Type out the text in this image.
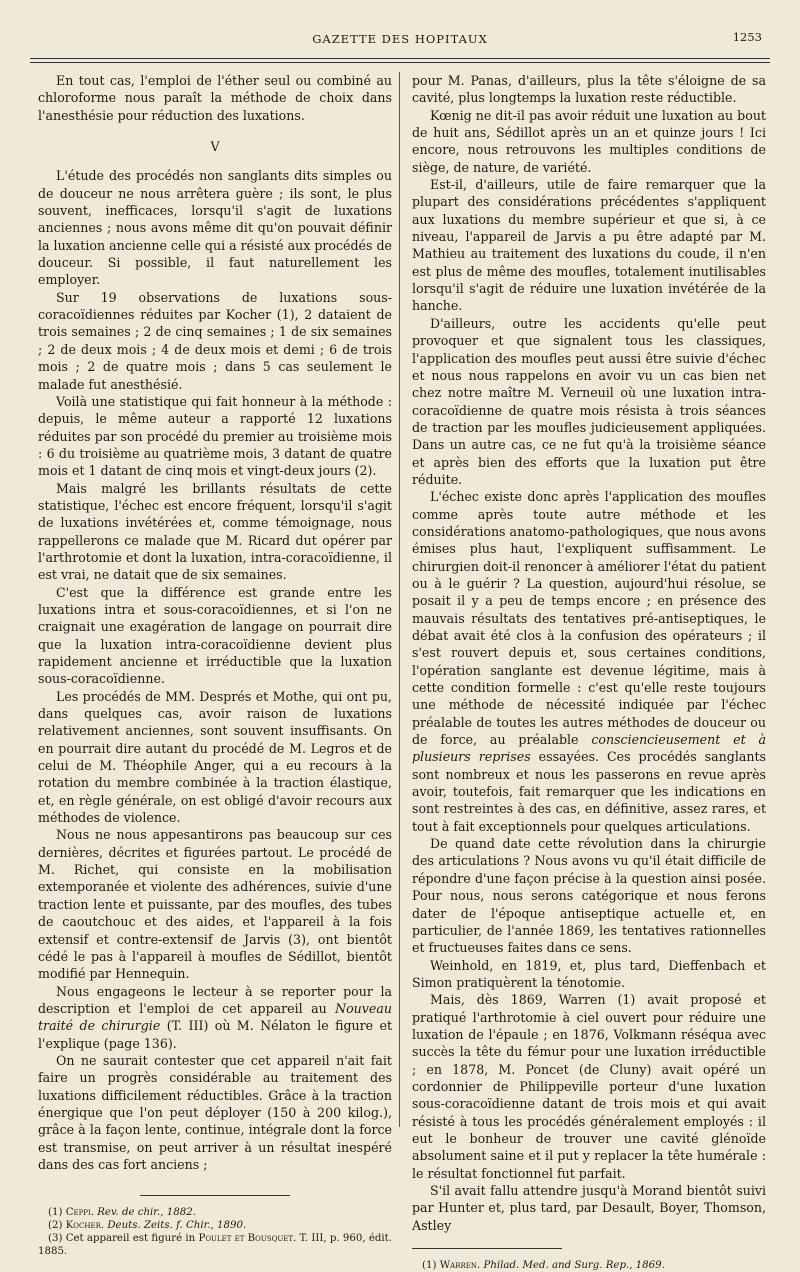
GAZETTE DES HOPITAUX	1253

En tout cas, l'emploi de l'éther seul ou combiné au chloroforme nous paraît la méthode de choix dans l'anesthésie pour réduction des luxations.

V

L'étude des procédés non sanglants dits simples ou de douceur ne nous arrêtera guère ; ils sont, le plus souvent, inefficaces, lorsqu'il s'agit de luxations anciennes ; nous avons même dit qu'on pouvait définir la luxation ancienne celle qui a résisté aux procédés de douceur. Si possible, il faut naturellement les employer.

Sur 19 observations de luxations sous-coracoïdiennes réduites par Kocher (1), 2 dataient de trois semaines ; 2 de cinq semaines ; 1 de six semaines ; 2 de deux mois ; 4 de deux mois et demi ; 6 de trois mois ; 2 de quatre mois ; dans 5 cas seulement le malade fut anesthésié.

Voilà une statistique qui fait honneur à la méthode : depuis, le même auteur a rapporté 12 luxations réduites par son procédé du premier au troisième mois : 6 du troisième au quatrième mois, 3 datant de quatre mois et 1 datant de cinq mois et vingt-deux jours (2).

Mais malgré les brillants résultats de cette statistique, l'échec est encore fréquent, lorsqu'il s'agit de luxations invétérées et, comme témoignage, nous rappellerons ce malade que M. Ricard dut opérer par l'arthrotomie et dont la luxation, intra-coracoïdienne, il est vrai, ne datait que de six semaines.

C'est que la différence est grande entre les luxations intra et sous-coracoïdiennes, et si l'on ne craignait une exagération de langage on pourrait dire que la luxation intra-coracoïdienne devient plus rapidement ancienne et irréductible que la luxation sous-coracoïdienne.

Les procédés de MM. Després et Mothe, qui ont pu, dans quelques cas, avoir raison de luxations relativement anciennes, sont souvent insuffisants. On en pourrait dire autant du procédé de M. Legros et de celui de M. Théophile Anger, qui a eu recours à la rotation du membre combinée à la traction élastique, et, en règle générale, on est obligé d'avoir recours aux méthodes de violence.

Nous ne nous appesantirons pas beaucoup sur ces dernières, décrites et figurées partout. Le procédé de M. Richet, qui consiste en la mobilisation extemporanée et violente des adhérences, suivie d'une traction lente et puissante, par des moufles, des tubes de caoutchouc et des aides, et l'appareil à la fois extensif et contre-extensif de Jarvis (3), ont bientôt cédé le pas à l'appareil à moufles de Sédillot, bientôt modifié par Hennequin.

Nous engageons le lecteur à se reporter pour la description et l'emploi de cet appareil au Nouveau traité de chirurgie (T. III) où M. Nélaton le figure et l'explique (page 136).

On ne saurait contester que cet appareil n'ait fait faire un progrès considérable au traitement des luxations difficilement réductibles. Grâce à la traction énergique que l'on peut déployer (150 à 200 kilog.), grâce à la façon lente, continue, intégrale dont la force est transmise, on peut arriver à un résultat inespéré dans des cas fort anciens ;

(1) Ceppi. Rev. de chir., 1882.
(2) Kocher. Deuts. Zeits. f. Chir., 1890.
(3) Cet appareil est figuré in Poulet et Bousquet. T. III, p. 960, édit. 1885.

pour M. Panas, d'ailleurs, plus la tête s'éloigne de sa cavité, plus longtemps la luxation reste réductible.

Kœnig ne dit-il pas avoir réduit une luxation au bout de huit ans, Sédillot après un an et quinze jours ! Ici encore, nous retrouvons les multiples conditions de siège, de nature, de variété.

Est-il, d'ailleurs, utile de faire remarquer que la plupart des considérations précédentes s'appliquent aux luxations du membre supérieur et que si, à ce niveau, l'appareil de Jarvis a pu être adapté par M. Mathieu au traitement des luxations du coude, il n'en est plus de même des moufles, totalement inutilisables lorsqu'il s'agit de réduire une luxation invétérée de la hanche.

D'ailleurs, outre les accidents qu'elle peut provoquer et que signalent tous les classiques, l'application des moufles peut aussi être suivie d'échec et nous nous rappelons en avoir vu un cas bien net chez notre maître M. Verneuil où une luxation intra-coracoïdienne de quatre mois résista à trois séances de traction par les moufles judicieusement appliquées. Dans un autre cas, ce ne fut qu'à la troisième séance et après bien des efforts que la luxation put être réduite.

L'échec existe donc après l'application des moufles comme après toute autre méthode et les considérations anatomo-pathologiques, que nous avons émises plus haut, l'expliquent suffisamment. Le chirurgien doit-il renoncer à améliorer l'état du patient ou à le guérir ? La question, aujourd'hui résolue, se posait il y a peu de temps encore ; en présence des mauvais résultats des tentatives pré-antiseptiques, le débat avait été clos à la confusion des opérateurs ; il s'est rouvert depuis et, sous certaines conditions, l'opération sanglante est devenue légitime, mais à cette condition formelle : c'est qu'elle reste toujours une méthode de nécessité indiquée par l'échec préalable de toutes les autres méthodes de douceur ou de force, au préalable consciencieusement et à plusieurs reprises essayées. Ces procédés sanglants sont nombreux et nous les passerons en revue après avoir, toutefois, fait remarquer que les indications en sont restreintes à des cas, en définitive, assez rares, et tout à fait exceptionnels pour quelques articulations.

De quand date cette révolution dans la chirurgie des articulations ? Nous avons vu qu'il était difficile de répondre d'une façon précise à la question ainsi posée. Pour nous, nous serons catégorique et nous ferons dater de l'époque antiseptique actuelle et, en particulier, de l'année 1869, les tentatives rationnelles et fructueuses faites dans ce sens.

Weinhold, en 1819, et, plus tard, Dieffenbach et Simon pratiquèrent la ténotomie.

Mais, dès 1869, Warren (1) avait proposé et pratiqué l'arthrotomie à ciel ouvert pour réduire une luxation de l'épaule ; en 1876, Volkmann réséqua avec succès la tête du fémur pour une luxation irréductible ; en 1878, M. Poncet (de Cluny) avait opéré un cordonnier de Philippeville porteur d'une luxation sous-coracoïdienne datant de trois mois et qui avait résisté à tous les procédés généralement employés : il eut le bonheur de trouver une cavité glénoïde absolument saine et il put y replacer la tête humérale : le résultat fonctionnel fut parfait.

S'il avait fallu attendre jusqu'à Morand bientôt suivi par Hunter et, plus tard, par Desault, Boyer, Thomson, Astley

(1) Warren. Philad. Med. and Surg. Rep., 1869.
